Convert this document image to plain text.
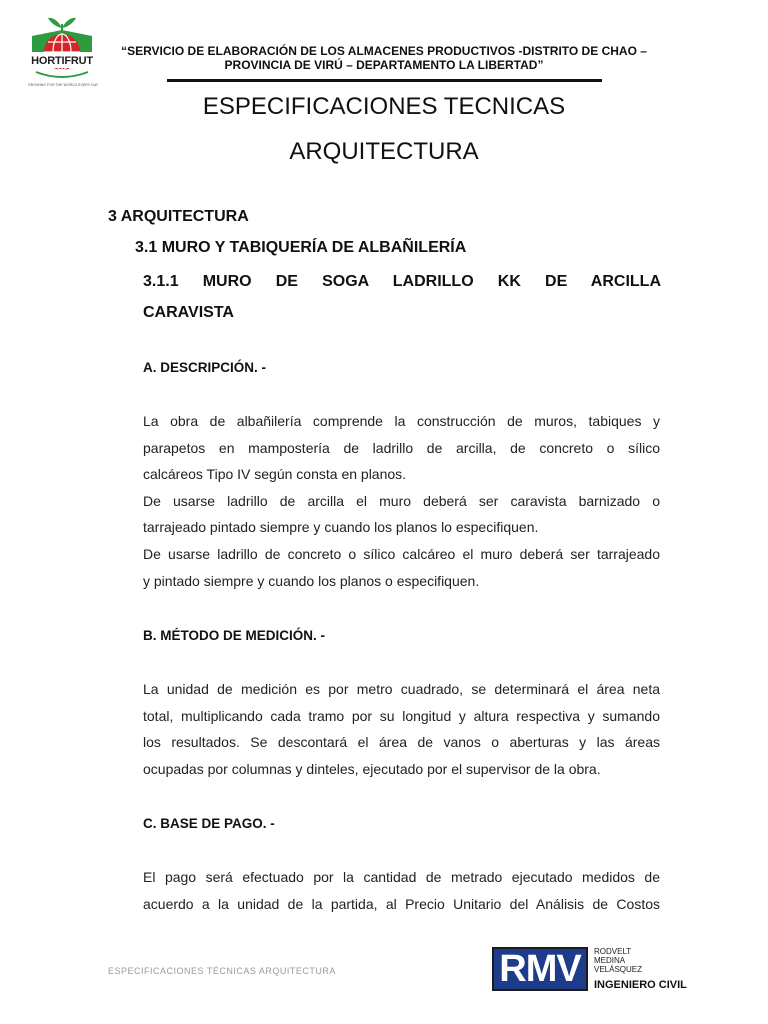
HORTIFRUT
GROWING FOR THE WORLD EVERY DAY
“SERVICIO DE ELABORACIÓN DE LOS ALMACENES PRODUCTIVOS -DISTRITO DE CHAO –
PROVINCIA DE VIRÚ – DEPARTAMENTO LA LIBERTAD”
ESPECIFICACIONES TECNICAS
ARQUITECTURA
3 ARQUITECTURA
3.1 MURO Y TABIQUERÍA DE ALBAÑILERÍA
3.1.1 MURO DE SOGA LADRILLO KK DE ARCILLA
CARAVISTA
A. DESCRIPCIÓN. -
La obra de albañilería comprende la construcción de muros, tabiques y
parapetos en mampostería de ladrillo de arcilla, de concreto o sílico
calcáreos Tipo IV según consta en planos.
De usarse ladrillo de arcilla el muro deberá ser caravista barnizado o
tarrajeado pintado siempre y cuando los planos lo especifiquen.
De usarse ladrillo de concreto o sílico calcáreo el muro deberá ser tarrajeado
y pintado siempre y cuando los planos o especifiquen.
B. MÉTODO DE MEDICIÓN. -
La unidad de medición es por metro cuadrado, se determinará el área neta
total, multiplicando cada tramo por su longitud y altura respectiva y sumando
los resultados. Se descontará el área de vanos o aberturas y las áreas
ocupadas por columnas y dinteles, ejecutado por el supervisor de la obra.
C. BASE DE PAGO. -
El pago será efectuado por la cantidad de metrado ejecutado medidos de
acuerdo a la unidad de la partida, al Precio Unitario del Análisis de Costos
ESPECIFICACIONES TÉCNICAS ARQUITECTURA	RMV	RODVELT
MEDINA
VELÁSQUEZ
INGENIERO CIVIL
